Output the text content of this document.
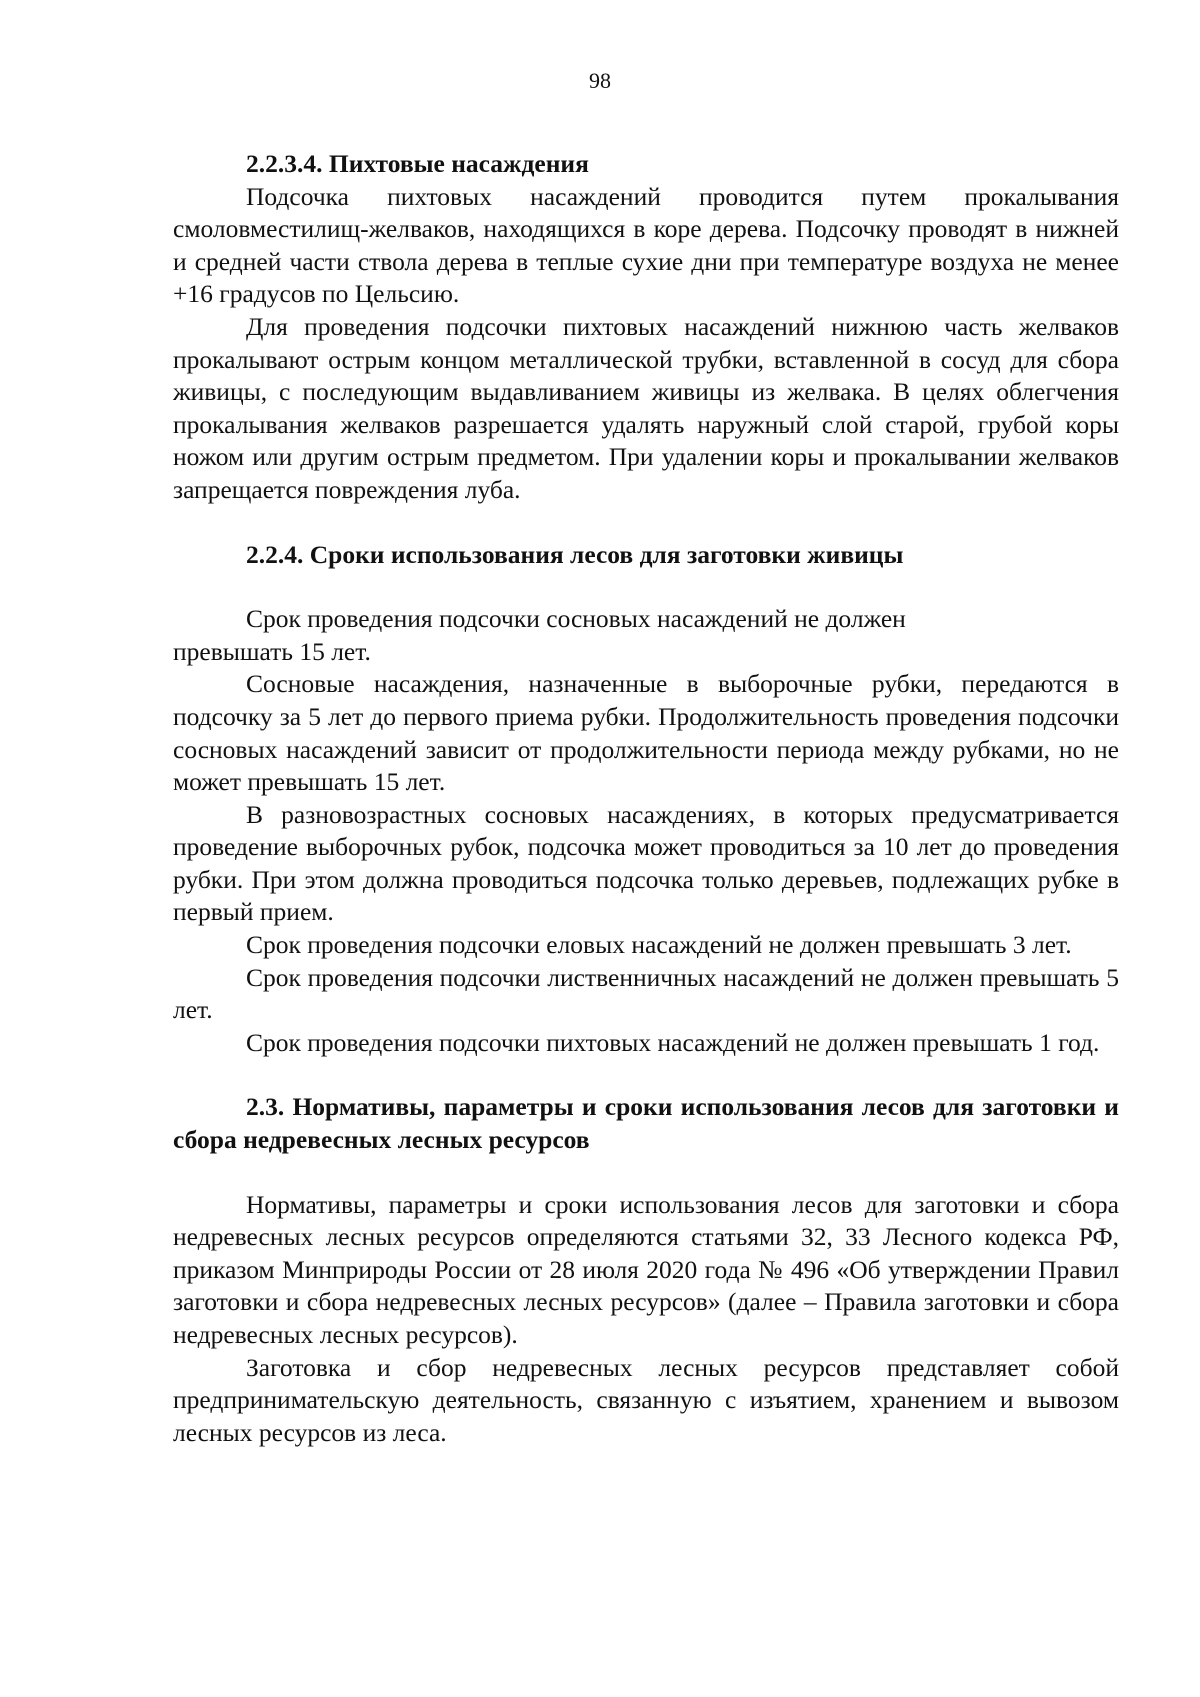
98
2.2.3.4. Пихтовые насаждения

Подсочка пихтовых насаждений проводится путем прокалывания смоловместилищ-желваков, находящихся в коре дерева. Подсочку проводят в нижней и средней части ствола дерева в теплые сухие дни при температуре воздуха не менее +16 градусов по Цельсию.

Для проведения подсочки пихтовых насаждений нижнюю часть желваков прокалывают острым концом металлической трубки, вставленной в сосуд для сбора живицы, с последующим выдавливанием живицы из желвака. В целях облегчения прокалывания желваков разрешается удалять наружный слой старой, грубой коры ножом или другим острым предметом. При удалении коры и прокалывании желваков запрещается повреждения луба.

2.2.4. Сроки использования лесов для заготовки живицы

Срок проведения подсочки сосновых насаждений не должен превышать 15 лет.

Сосновые насаждения, назначенные в выборочные рубки, передаются в подсочку за 5 лет до первого приема рубки. Продолжительность проведения подсочки сосновых насаждений зависит от продолжительности периода между рубками, но не может превышать 15 лет.

В разновозрастных сосновых насаждениях, в которых предусматривается проведение выборочных рубок, подсочка может проводиться за 10 лет до проведения рубки. При этом должна проводиться подсочка только деревьев, подлежащих рубке в первый прием.

Срок проведения подсочки еловых насаждений не должен превышать 3 лет.

Срок проведения подсочки лиственничных насаждений не должен превышать 5 лет.

Срок проведения подсочки пихтовых насаждений не должен превышать 1 год.

2.3. Нормативы, параметры и сроки использования лесов для заготовки и сбора недревесных лесных ресурсов

Нормативы, параметры и сроки использования лесов для заготовки и сбора недревесных лесных ресурсов определяются статьями 32, 33 Лесного кодекса РФ, приказом Минприроды России от 28 июля 2020 года № 496 «Об утверждении Правил заготовки и сбора недревесных лесных ресурсов» (далее – Правила заготовки и сбора недревесных лесных ресурсов).

Заготовка и сбор недревесных лесных ресурсов представляет собой предпринимательскую деятельность, связанную с изъятием, хранением и вывозом лесных ресурсов из леса.
